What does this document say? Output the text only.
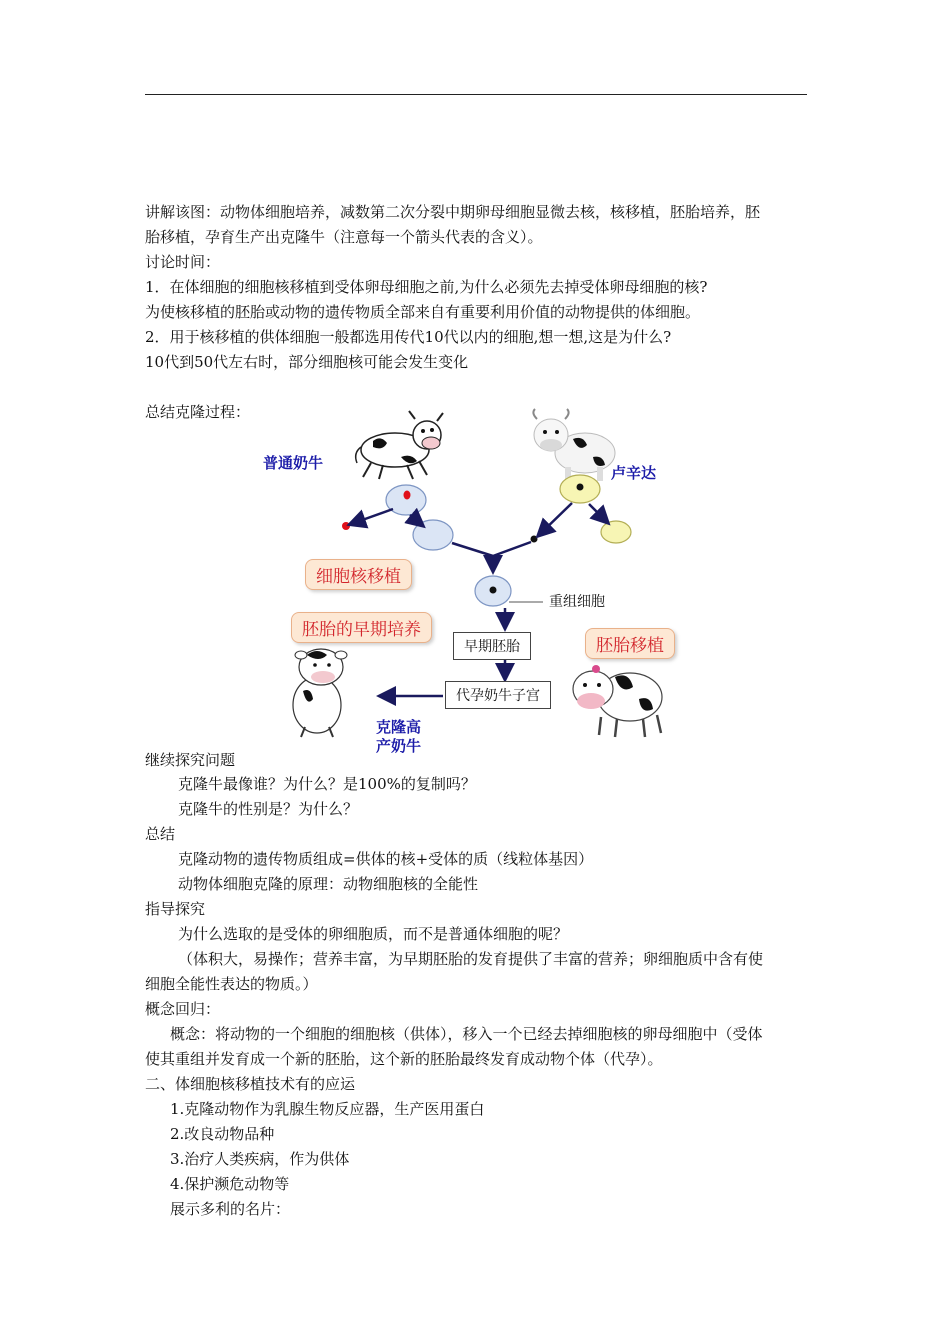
讲解该图：动物体细胞培养，减数第二次分裂中期卵母细胞显微去核，核移植，胚胎培养，胚
胎移植，孕育生产出克隆牛（注意每一个箭头代表的含义）。
讨论时间：
1．在体细胞的细胞核移植到受体卵母细胞之前,为什么必须先去掉受体卵母细胞的核?
为使核移植的胚胎或动物的遗传物质全部来自有重要利用价值的动物提供的体细胞。
2．用于核移植的供体细胞一般都选用传代10代以内的细胞,想一想,这是为什么?
10代到50代左右时，部分细胞核可能会发生变化
总结克隆过程：
普通奶牛
卢辛达
细胞核移植
重组细胞
胚胎的早期培养
早期胚胎	胚胎移植
代孕奶牛子宫
克隆高
产奶牛
继续探究问题
克隆牛最像谁？为什么？是100%的复制吗？
克隆牛的性别是？为什么？
总结
克隆动物的遗传物质组成=供体的核+受体的质（线粒体基因）
动物体细胞克隆的原理：动物细胞核的全能性
指导探究
为什么选取的是受体的卵细胞质，而不是普通体细胞的呢？
（体积大，易操作；营养丰富，为早期胚胎的发育提供了丰富的营养；卵细胞质中含有使
细胞全能性表达的物质。）
概念回归：
概念：将动物的一个细胞的细胞核（供体），移入一个已经去掉细胞核的卵母细胞中（受体
使其重组并发育成一个新的胚胎，这个新的胚胎最终发育成动物个体（代孕）。
二、体细胞核移植技术有的应运
1.克隆动物作为乳腺生物反应器，生产医用蛋白
2.改良动物品种
3.治疗人类疾病，作为供体
4.保护濒危动物等
展示多利的名片：
